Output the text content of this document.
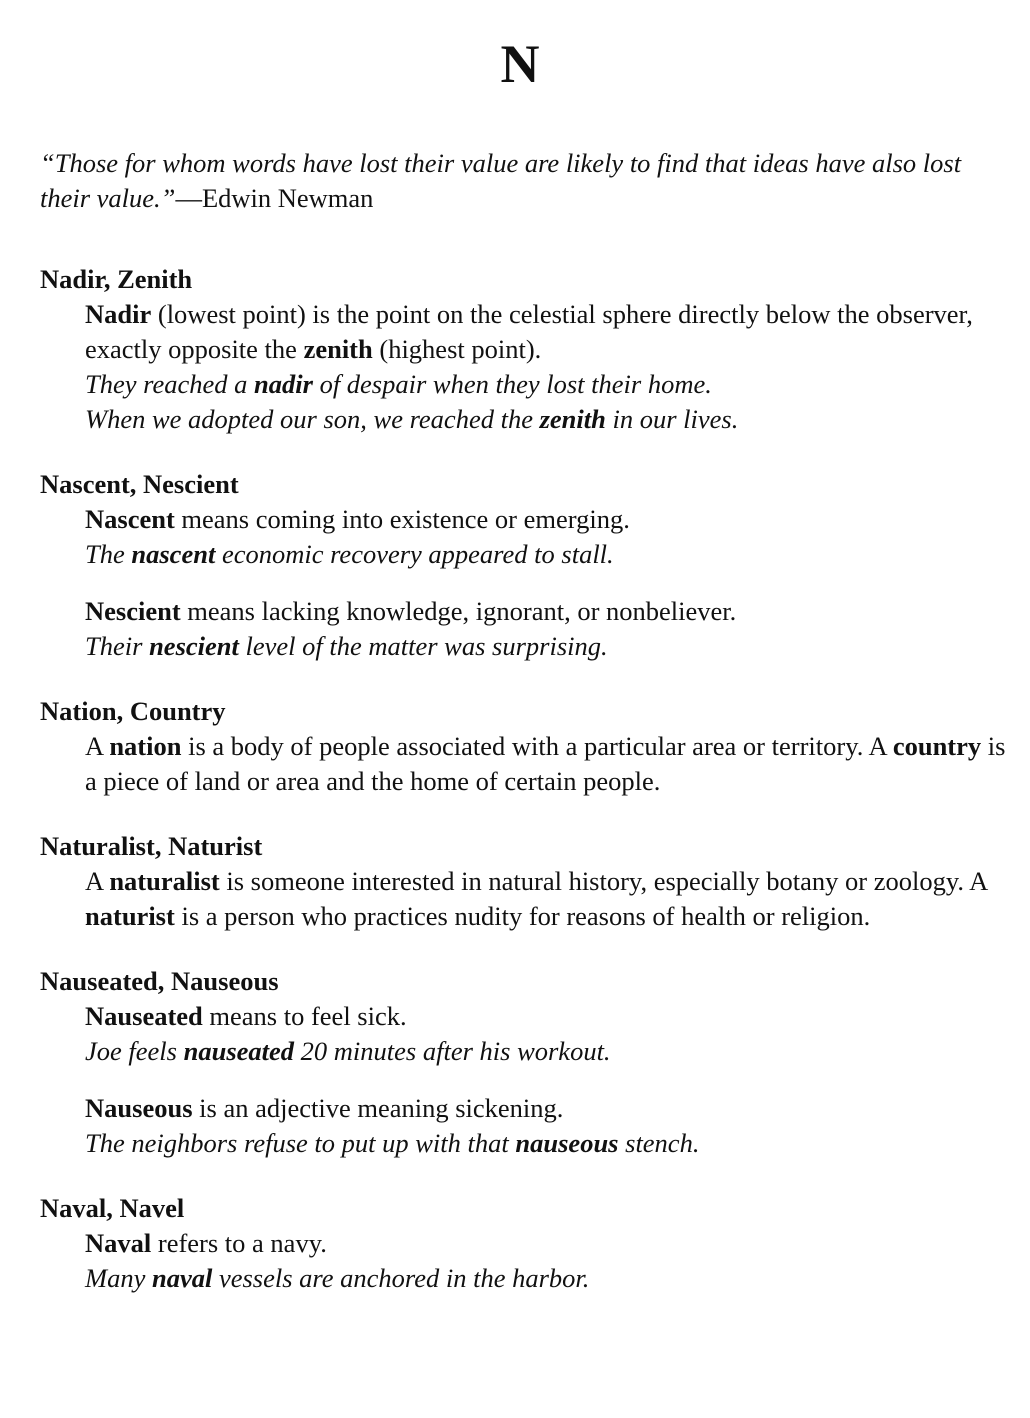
N

“Those for whom words have lost their value are likely to find that ideas have also lost their value.”—Edwin Newman

Nadir, Zenith

Nadir (lowest point) is the point on the celestial sphere directly below the observer, exactly opposite the zenith (highest point).

They reached a nadir of despair when they lost their home.

When we adopted our son, we reached the zenith in our lives.

Nascent, Nescient

Nascent means coming into existence or emerging.

The nascent economic recovery appeared to stall.

Nescient means lacking knowledge, ignorant, or nonbeliever.

Their nescient level of the matter was surprising.

Nation, Country

A nation is a body of people associated with a particular area or territory. A country is a piece of land or area and the home of certain people.

Naturalist, Naturist

A naturalist is someone interested in natural history, especially botany or zoology. A naturist is a person who practices nudity for reasons of health or religion.

Nauseated, Nauseous

Nauseated means to feel sick.

Joe feels nauseated 20 minutes after his workout.

Nauseous is an adjective meaning sickening.

The neighbors refuse to put up with that nauseous stench.

Naval, Navel

Naval refers to a navy.

Many naval vessels are anchored in the harbor.
